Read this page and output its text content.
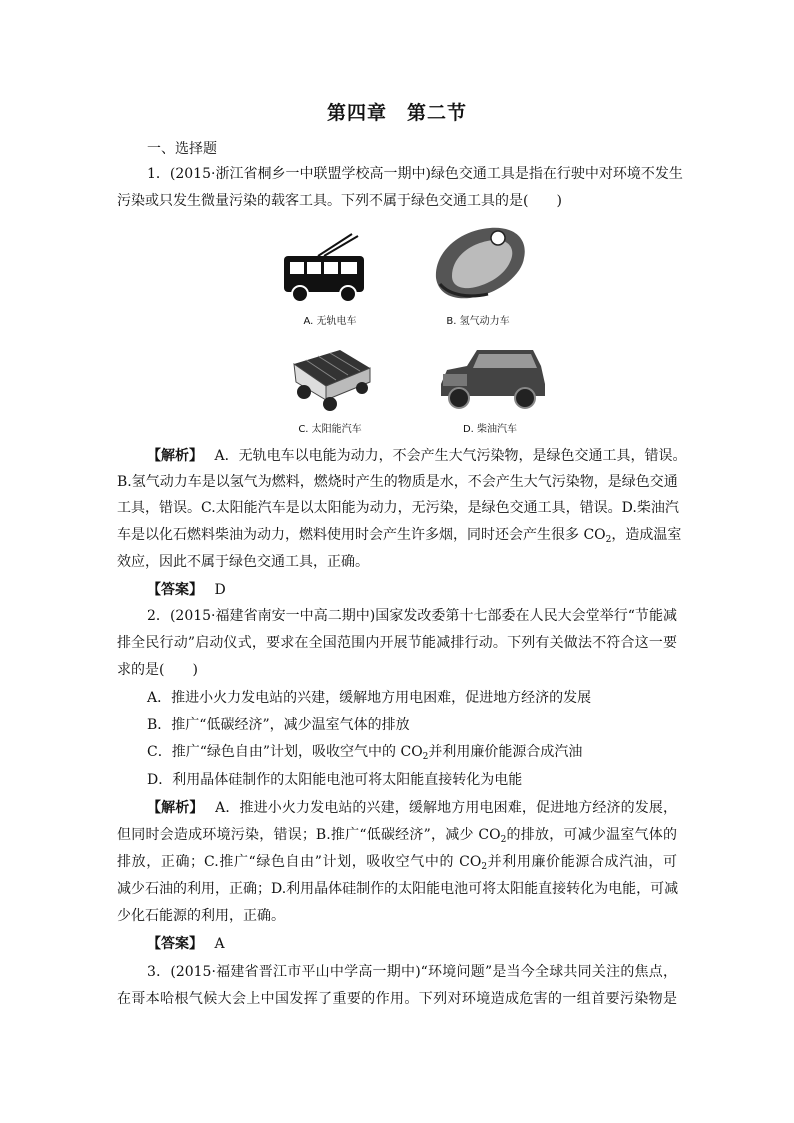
第四章　第二节
一、选择题
1．(2015·浙江省桐乡一中联盟学校高一期中)绿色交通工具是指在行驶中对环境不发生
污染或只发生微量污染的载客工具。下列不属于绿色交通工具的是(　　)
A. 无轨电车	B. 氢气动力车
C. 太阳能汽车	D. 柴油汽车
【解析】　 A．无轨电车以电能为动力，不会产生大气污染物，是绿色交通工具，错误。
B.氢气动力车是以氢气为燃料，燃烧时产生的物质是水，不会产生大气污染物，是绿色交通
工具，错误。C.太阳能汽车是以太阳能为动力，无污染，是绿色交通工具，错误。D.柴油汽
车是以化石燃料柴油为动力，燃料使用时会产生许多烟，同时还会产生很多 $CO_2$，造成温室
效应，因此不属于绿色交通工具，正确。
【答案】　 D
2．(2015·福建省南安一中高二期中)国家发改委第十七部委在人民大会堂举行“节能减
排全民行动”启动仪式，要求在全国范围内开展节能减排行动。下列有关做法不符合这一要
求的是(　　)
A．推进小火力发电站的兴建，缓解地方用电困难，促进地方经济的发展
B．推广“低碳经济”，减少温室气体的排放
C．推广“绿色自由”计划，吸收空气中的 $CO_2$并利用廉价能源合成汽油
D．利用晶体硅制作的太阳能电池可将太阳能直接转化为电能
【解析】　 A．推进小火力发电站的兴建，缓解地方用电困难，促进地方经济的发展，
但同时会造成环境污染，错误；B.推广“低碳经济”，减少 $CO_2$的排放，可减少温室气体的
排放，正确；C.推广“绿色自由”计划，吸收空气中的 $CO_2$并利用廉价能源合成汽油，可
减少石油的利用，正确；D.利用晶体硅制作的太阳能电池可将太阳能直接转化为电能，可减
少化石能源的利用，正确。
【答案】　 A
3．(2015·福建省晋江市平山中学高一期中)“环境问题”是当今全球共同关注的焦点，
在哥本哈根气候大会上中国发挥了重要的作用。下列对环境造成危害的一组首要污染物是
